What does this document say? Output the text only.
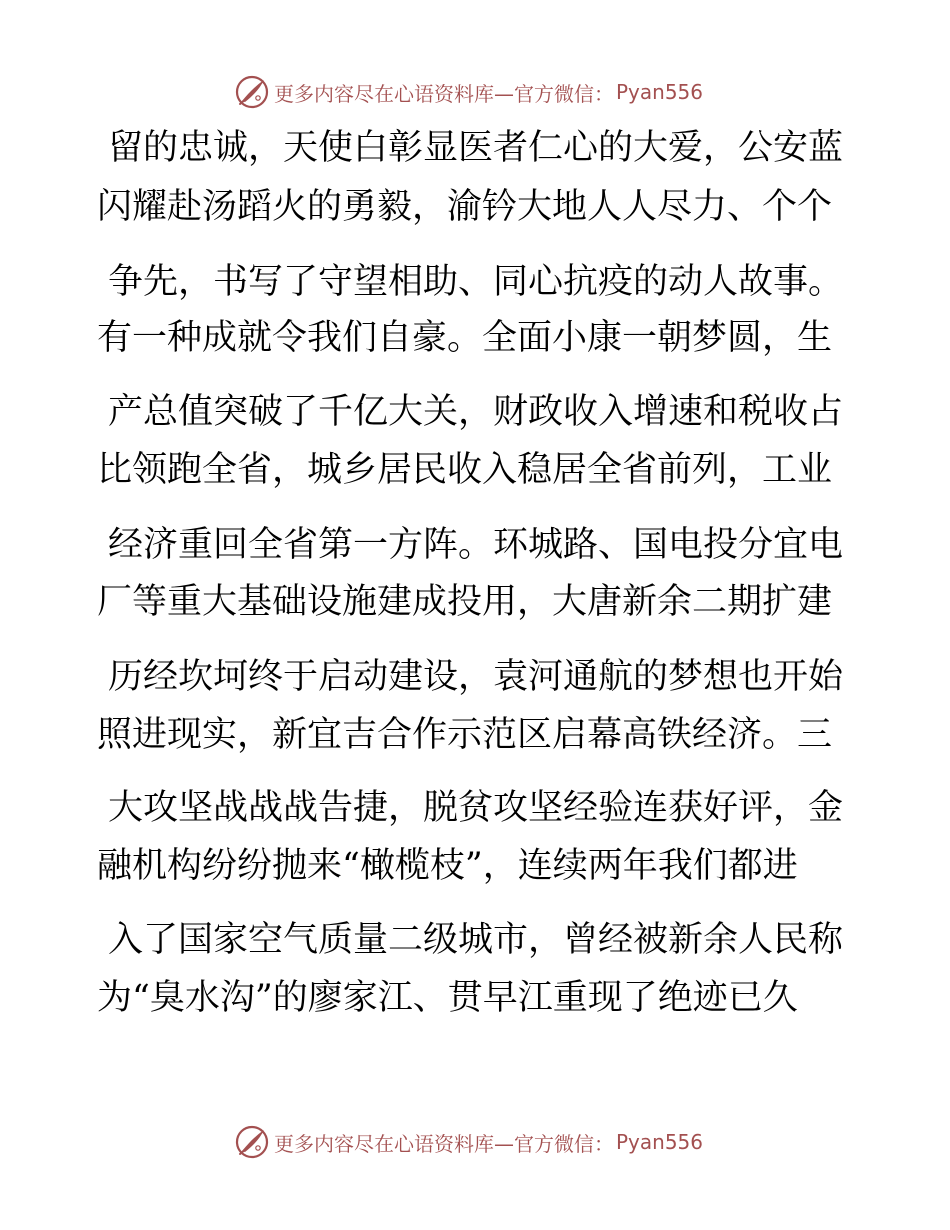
更多内容尽在心语资料库—官方微信： Pyan556

留的忠诚，天使白彰显医者仁心的大爱，公安蓝

闪耀赴汤蹈火的勇毅，渝钤大地人人尽力、个个

争先，书写了守望相助、同心抗疫的动人故事。

有一种成就令我们自豪。全面小康一朝梦圆，生

产总值突破了千亿大关，财政收入增速和税收占

比领跑全省，城乡居民收入稳居全省前列，工业

经济重回全省第一方阵。环城路、国电投分宜电

厂等重大基础设施建成投用，大唐新余二期扩建

历经坎坷终于启动建设，袁河通航的梦想也开始

照进现实，新宜吉合作示范区启幕高铁经济。三

大攻坚战战战告捷，脱贫攻坚经验连获好评，金

融机构纷纷抛来“橄榄枝”，连续两年我们都进

入了国家空气质量二级城市，曾经被新余人民称

为“臭水沟”的廖家江、贯早江重现了绝迹已久

更多内容尽在心语资料库—官方微信： Pyan556
